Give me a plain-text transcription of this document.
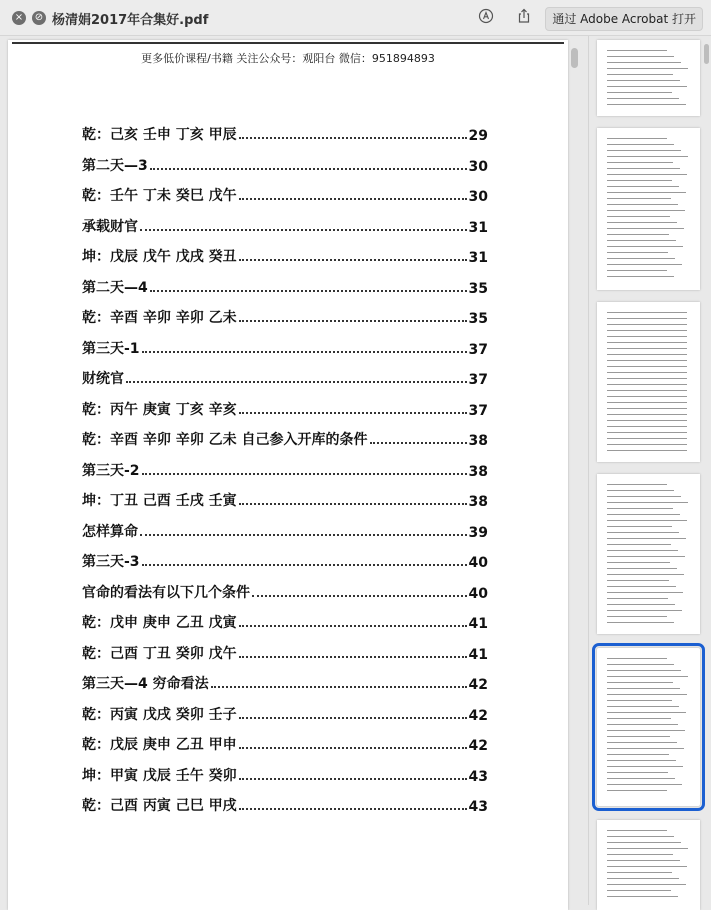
× ⊘ 杨清娟2017年合集好.pdf	通过 Adobe Acrobat 打开
更多低价课程/书籍 关注公众号：观阳台 微信：951894893
乾：己亥 壬申 丁亥 甲辰	29
第二天—3	30
乾：壬午 丁未 癸巳 戊午	30
承载财官	31
坤：戊辰 戊午 戊戌 癸丑	31
第二天—4	35
乾：辛酉 辛卯 辛卯 乙未	35
第三天-1	37
财统官	37
乾：丙午 庚寅 丁亥 辛亥	37
乾：辛酉 辛卯 辛卯 乙未 自己参入开库的条件	38
第三天-2	38
坤：丁丑 己酉 壬戌 壬寅	38
怎样算命	39
第三天-3	40
官命的看法有以下几个条件	40
乾：戊申 庚申 乙丑 戊寅	41
乾：己酉 丁丑 癸卯 戊午	41
第三天—4 穷命看法	42
乾：丙寅 戊戌 癸卯 壬子	42
乾：戊辰 庚申 乙丑 甲申	42
坤：甲寅 戊辰 壬午 癸卯	43
乾：己酉 丙寅 己巳 甲戌	43
